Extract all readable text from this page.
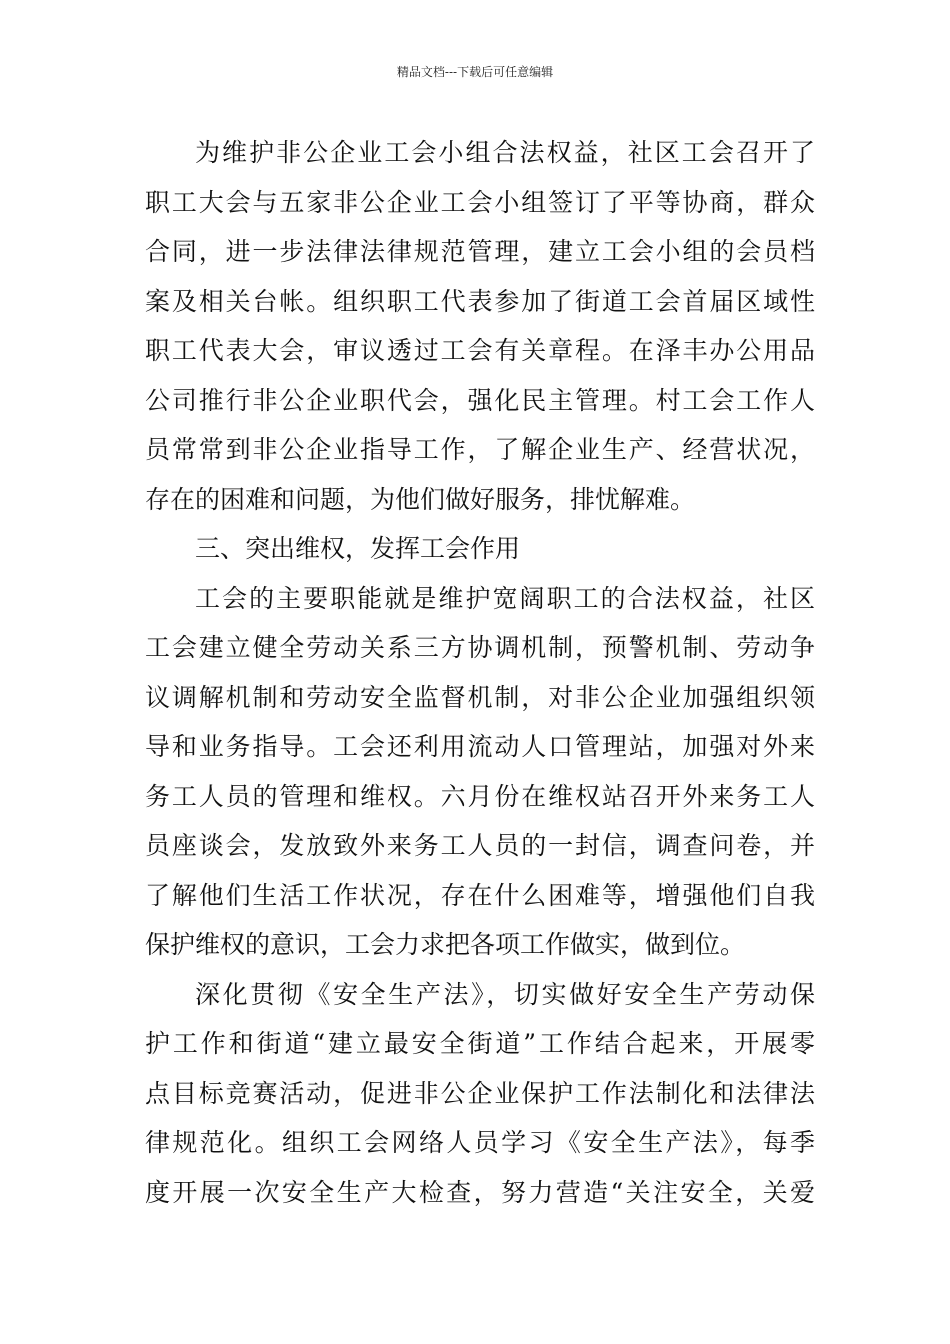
精品文档---下载后可任意编辑
为维护非公企业工会小组合法权益，社区工会召开了
职工大会与五家非公企业工会小组签订了平等协商，群众
合同，进一步法律法律规范管理，建立工会小组的会员档
案及相关台帐。组织职工代表参加了街道工会首届区域性
职工代表大会，审议透过工会有关章程。在泽丰办公用品
公司推行非公企业职代会，强化民主管理。村工会工作人
员常常到非公企业指导工作，了解企业生产、经营状况，
存在的困难和问题，为他们做好服务，排忧解难。
三、突出维权，发挥工会作用
工会的主要职能就是维护宽阔职工的合法权益，社区
工会建立健全劳动关系三方协调机制，预警机制、劳动争
议调解机制和劳动安全监督机制，对非公企业加强组织领
导和业务指导。工会还利用流动人口管理站，加强对外来
务工人员的管理和维权。六月份在维权站召开外来务工人
员座谈会，发放致外来务工人员的一封信，调查问卷，并
了解他们生活工作状况，存在什么困难等，增强他们自我
保护维权的意识，工会力求把各项工作做实，做到位。
深化贯彻《安全生产法》，切实做好安全生产劳动保
护工作和街道“建立最安全街道”工作结合起来，开展零
点目标竞赛活动，促进非公企业保护工作法制化和法律法
律规范化。组织工会网络人员学习《安全生产法》，每季
度开展一次安全生产大检查，努力营造“关注安全，关爱
